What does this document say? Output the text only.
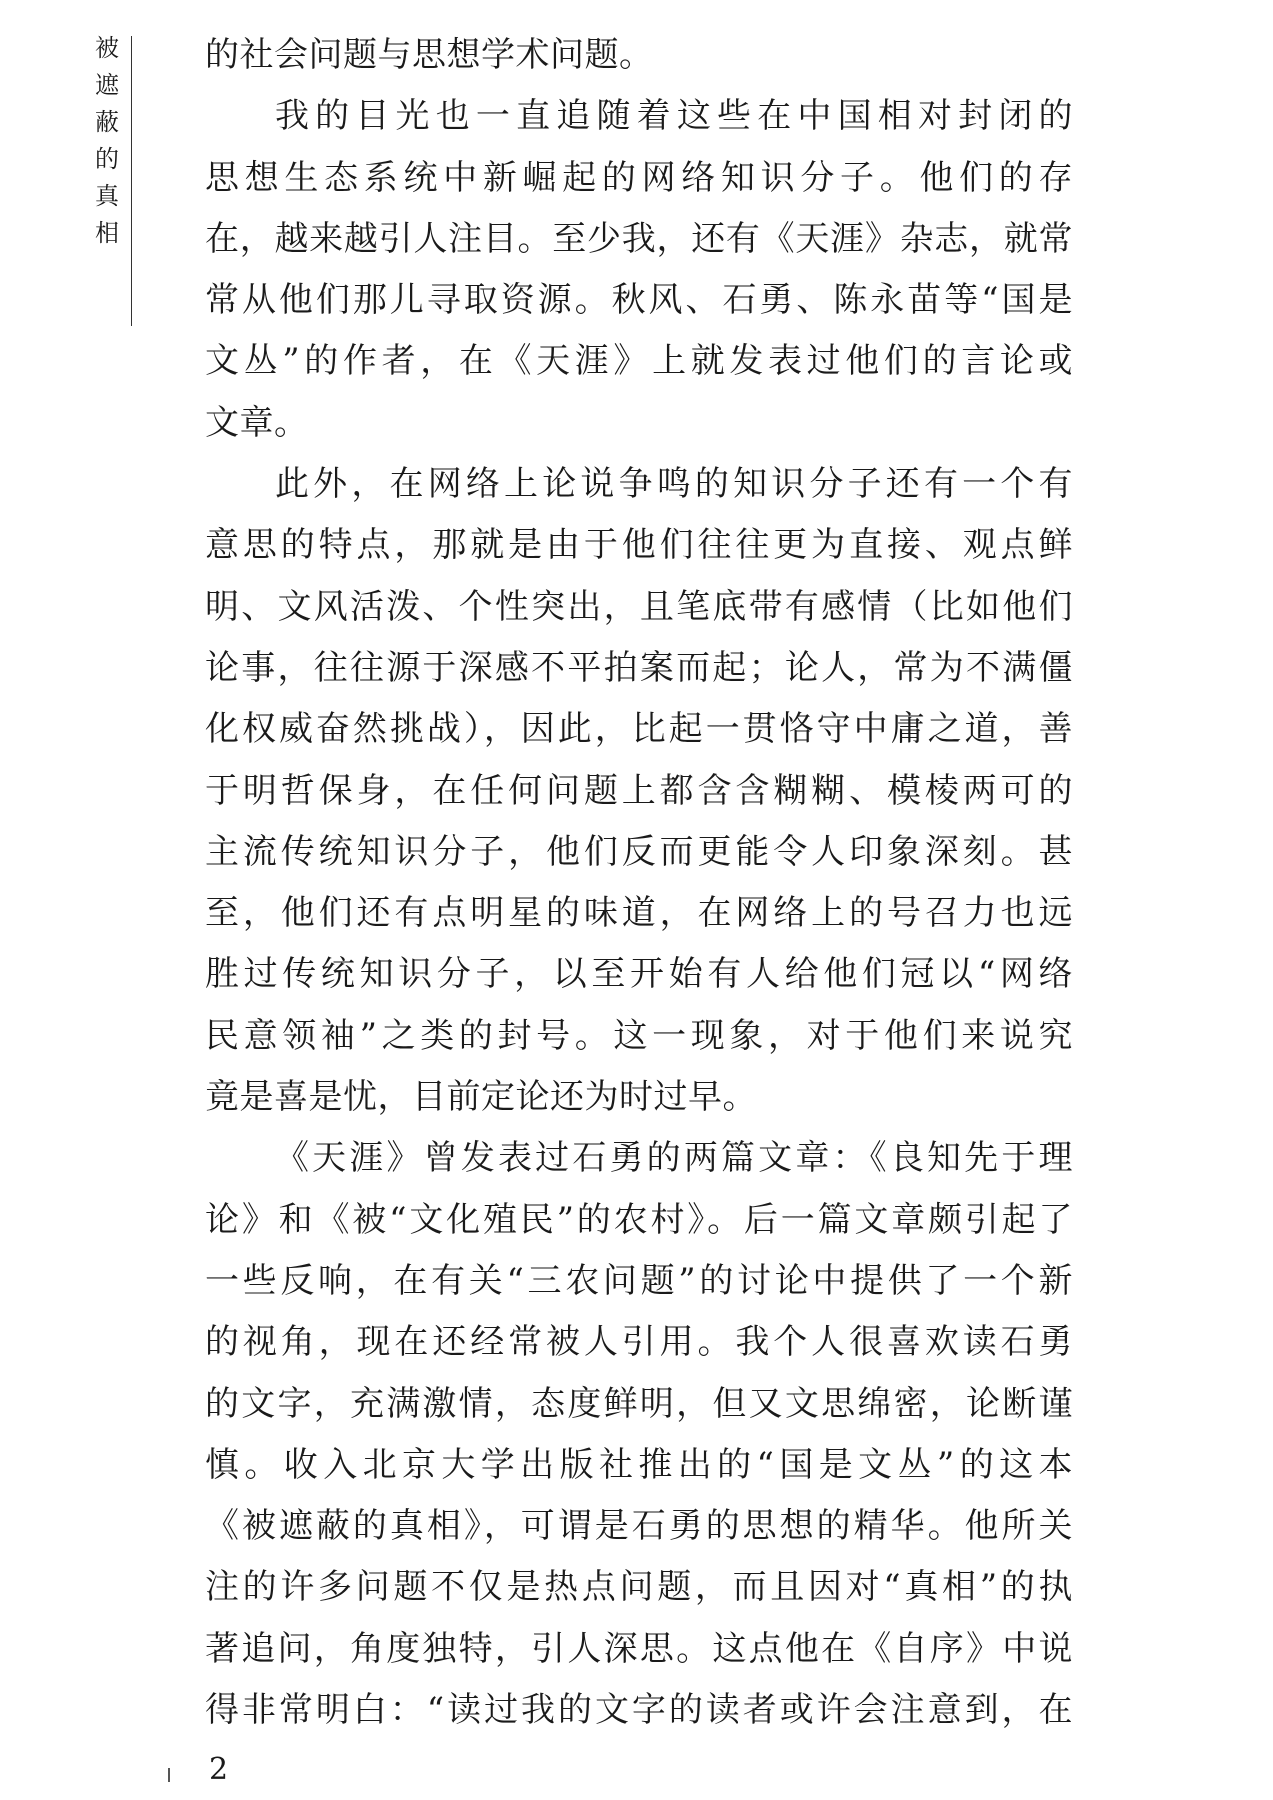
被
遮
蔽
的
真
相
的社会问题与思想学术问题。
我的目光也一直追随着这些在中国相对封闭的
思想生态系统中新崛起的网络知识分子。他们的存
在，越来越引人注目。至少我，还有《天涯》杂志，就常
常从他们那儿寻取资源。秋风、石勇、陈永苗等“国是
文丛”的作者，在《天涯》上就发表过他们的言论或
文章。
此外，在网络上论说争鸣的知识分子还有一个有
意思的特点，那就是由于他们往往更为直接、观点鲜
明、文风活泼、个性突出，且笔底带有感情（比如他们
论事，往往源于深感不平拍案而起；论人，常为不满僵
化权威奋然挑战），因此，比起一贯恪守中庸之道，善
于明哲保身，在任何问题上都含含糊糊、模棱两可的
主流传统知识分子，他们反而更能令人印象深刻。甚
至，他们还有点明星的味道，在网络上的号召力也远
胜过传统知识分子，以至开始有人给他们冠以“网络
民意领袖”之类的封号。这一现象，对于他们来说究
竟是喜是忧，目前定论还为时过早。
《天涯》曾发表过石勇的两篇文章：《良知先于理
论》和《被“文化殖民”的农村》。后一篇文章颇引起了
一些反响，在有关“三农问题”的讨论中提供了一个新
的视角，现在还经常被人引用。我个人很喜欢读石勇
的文字，充满激情，态度鲜明，但又文思绵密，论断谨
慎。收入北京大学出版社推出的“国是文丛”的这本
《被遮蔽的真相》，可谓是石勇的思想的精华。他所关
注的许多问题不仅是热点问题，而且因对“真相”的执
著追问，角度独特，引人深思。这点他在《自序》中说
得非常明白：“读过我的文字的读者或许会注意到，在
2
